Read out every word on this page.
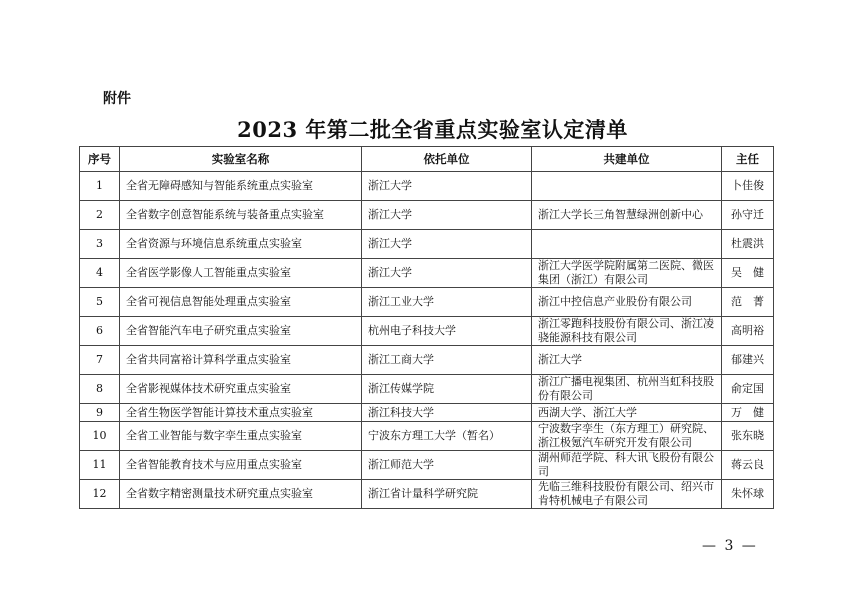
附件
2023 年第二批全省重点实验室认定清单
序号	实验室名称	依托单位	共建单位	主任
1	全省无障碍感知与智能系统重点实验室	浙江大学		卜佳俊
2	全省数字创意智能系统与装备重点实验室	浙江大学	浙江大学长三角智慧绿洲创新中心	孙守迁
3	全省资源与环境信息系统重点实验室	浙江大学		杜震洪
4	全省医学影像人工智能重点实验室	浙江大学	浙江大学医学院附属第二医院、微医集团（浙江）有限公司	吴　健
5	全省可视信息智能处理重点实验室	浙江工业大学	浙江中控信息产业股份有限公司	范　菁
6	全省智能汽车电子研究重点实验室	杭州电子科技大学	浙江零跑科技股份有限公司、浙江凌骁能源科技有限公司	高明裕
7	全省共同富裕计算科学重点实验室	浙江工商大学	浙江大学	郁建兴
8	全省影视媒体技术研究重点实验室	浙江传媒学院	浙江广播电视集团、杭州当虹科技股份有限公司	俞定国
9	全省生物医学智能计算技术重点实验室	浙江科技大学	西湖大学、浙江大学	万　健
10	全省工业智能与数字孪生重点实验室	宁波东方理工大学（暂名）	宁波数字孪生（东方理工）研究院、浙江极氪汽车研究开发有限公司	张东晓
11	全省智能教育技术与应用重点实验室	浙江师范大学	湖州师范学院、科大讯飞股份有限公司	蒋云良
12	全省数字精密测量技术研究重点实验室	浙江省计量科学研究院	先临三维科技股份有限公司、绍兴市肯特机械电子有限公司	朱怀球
— 3 —
